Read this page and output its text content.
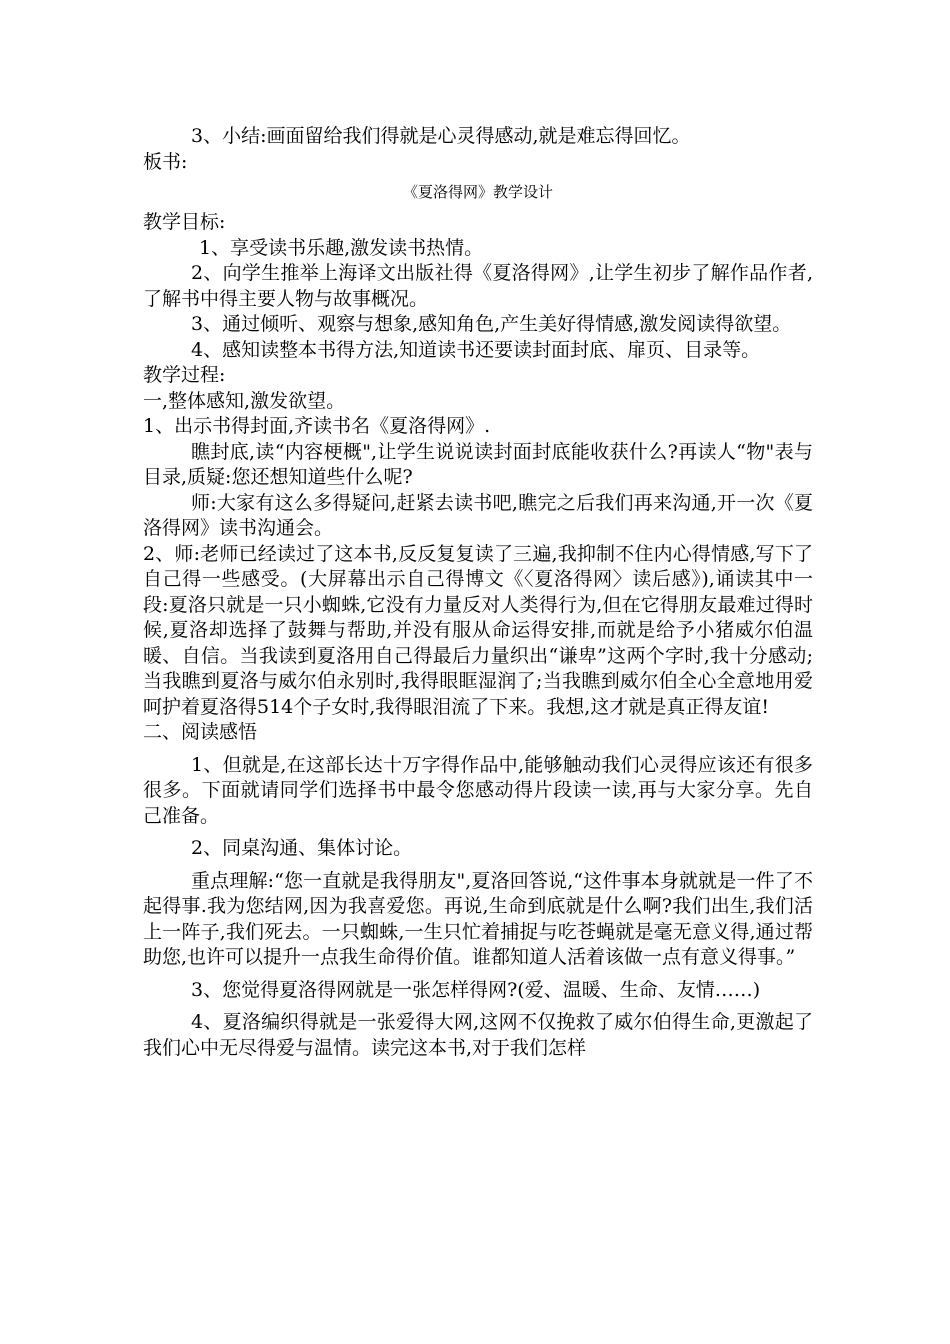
3、小结:画面留给我们得就是心灵得感动,就是难忘得回忆。

板书:

《夏洛得网》教学设计

教学目标:

1、享受读书乐趣,激发读书热情。

2、向学生推举上海译文出版社得《夏洛得网》,让学生初步了解作品作者,了解书中得主要人物与故事概况。

3、通过倾听、观察与想象,感知角色,产生美好得情感,激发阅读得欲望。

4、感知读整本书得方法,知道读书还要读封面封底、扉页、目录等。

教学过程:

一,整体感知,激发欲望。

1、出示书得封面,齐读书名《夏洛得网》.

瞧封底,读“内容梗概",让学生说说读封面封底能收获什么?再读人“物"表与目录,质疑:您还想知道些什么呢?

师:大家有这么多得疑问,赶紧去读书吧,瞧完之后我们再来沟通,开一次《夏洛得网》读书沟通会。

2、师:老师已经读过了这本书,反反复复读了三遍,我抑制不住内心得情感,写下了自己得一些感受。(大屏幕出示自己得博文《〈夏洛得网〉读后感》),诵读其中一段:夏洛只就是一只小蜘蛛,它没有力量反对人类得行为,但在它得朋友最难过得时候,夏洛却选择了鼓舞与帮助,并没有服从命运得安排,而就是给予小猪威尔伯温暖、自信。当我读到夏洛用自己得最后力量织出“谦卑”这两个字时,我十分感动;当我瞧到夏洛与威尔伯永别时,我得眼眶湿润了;当我瞧到威尔伯全心全意地用爱呵护着夏洛得514个子女时,我得眼泪流了下来。我想,这才就是真正得友谊!

二、阅读感悟

1、但就是,在这部长达十万字得作品中,能够触动我们心灵得应该还有很多很多。下面就请同学们选择书中最令您感动得片段读一读,再与大家分享。先自己准备。

2、同桌沟通、集体讨论。

重点理解:“您一直就是我得朋友",夏洛回答说,“这件事本身就就是一件了不起得事.我为您结网,因为我喜爱您。再说,生命到底就是什么啊?我们出生,我们活上一阵子,我们死去。一只蜘蛛,一生只忙着捕捉与吃苍蝇就是毫无意义得,通过帮助您,也许可以提升一点我生命得价值。谁都知道人活着该做一点有意义得事。”

3、您觉得夏洛得网就是一张怎样得网?(爱、温暖、生命、友情……)

4、夏洛编织得就是一张爱得大网,这网不仅挽救了威尔伯得生命,更激起了我们心中无尽得爱与温情。读完这本书,对于我们怎样
